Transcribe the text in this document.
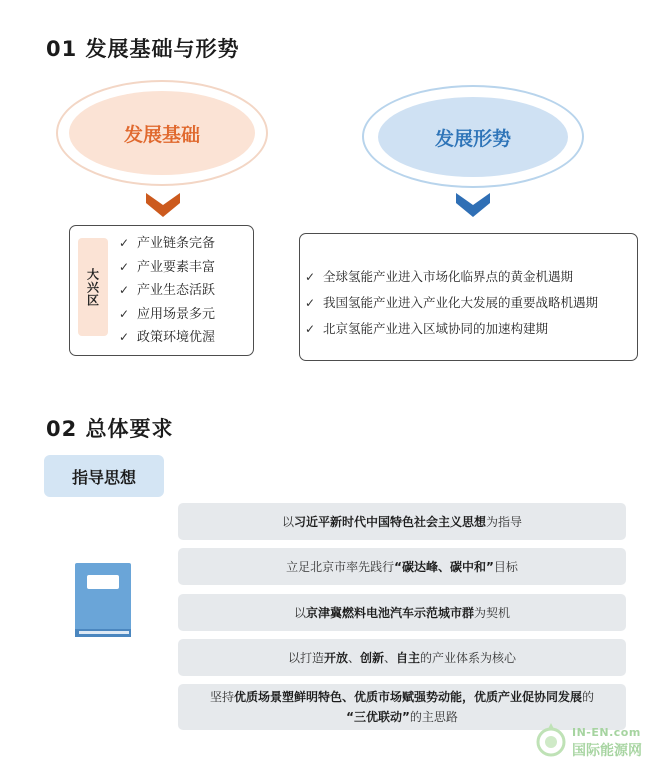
01 发展基础与形势
发展基础	发展形势
大兴区
✓ 产业链条完备
✓ 产业要素丰富
✓ 产业生态活跃
✓ 应用场景多元
✓ 政策环境优渥
✓ 全球氢能产业进入市场化临界点的黄金机遇期
✓ 我国氢能产业进入产业化大发展的重要战略机遇期
✓ 北京氢能产业进入区域协同的加速构建期
02 总体要求
指导思想
以习近平新时代中国特色社会主义思想为指导
立足北京市率先践行“碳达峰、碳中和”目标
以京津冀燃料电池汽车示范城市群为契机
以打造开放、创新、自主的产业体系为核心
坚持优质场景塑鲜明特色、优质市场赋强势动能，优质产业促协同发展的
“三优联动”的主思路
IN-EN.com
国际能源网
